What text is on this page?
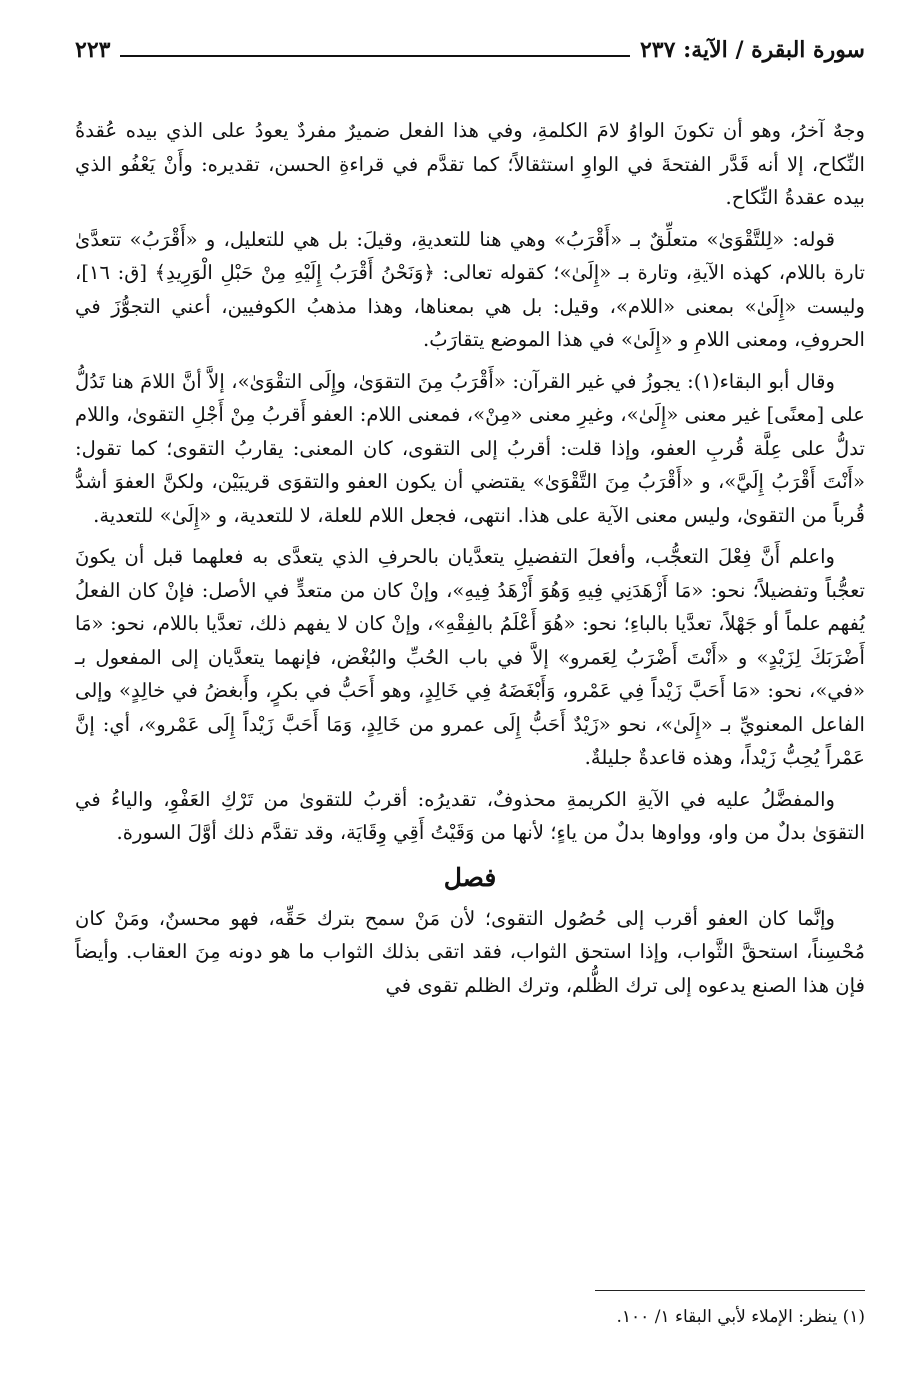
سورة البقرة / الآية: ٢٣٧
٢٢٣

وجهٌ آخرُ، وهو أن تكونَ الواوُ لامَ الكلمةِ، وفي هذا الفعل ضميرٌ مفردٌ يعودُ على الذي بيده عُقدةُ النِّكاح، إلا أنه قَدَّر الفتحةَ في الواوِ استثقالاً؛ كما تقدَّم في قراءةِ الحسن، تقديره: وأَنْ يَعْفُو الذي بيده عقدةُ النِّكاح.

قوله: «لِلتَّقْوَىٰ» متعلِّقٌ بـ «أَقْرَبُ» وهي هنا للتعديةِ، وقيلَ: بل هي للتعليل، و «أَقْرَبُ» تتعدَّىٰ تارة باللام، كهذه الآيةِ، وتارة بـ «إِلَىٰ»؛ كقوله تعالى: ﴿وَنَحْنُ أَقْرَبُ إِلَيْهِ مِنْ حَبْلِ الْوَرِيدِ﴾ [ق: ١٦]، وليست «إِلَىٰ» بمعنى «اللام»، وقيل: بل هي بمعناها، وهذا مذهبُ الكوفيين، أعني التجوُّزَ في الحروفِ، ومعنى اللامِ و «إِلَىٰ» في هذا الموضع يتقارَبُ.

وقال أبو البقاء(١): يجوزُ في غير القرآن: «أَقْرَبُ مِنَ التقوَىٰ، وإِلَى التقْوَىٰ»، إلاَّ أنَّ اللامَ هنا تَدُلُّ على [معنًى] غير معنى «إِلَىٰ»، وغيرِ معنى «مِنْ»، فمعنى اللام: العفو أَقربُ مِنْ أَجْلِ التقوىٰ، واللام تدلُّ على عِلَّة قُربِ العفو، وإذا قلت: أقربُ إلى التقوى، كان المعنى: يقاربُ التقوى؛ كما تقول: «أَنْتَ أَقْرَبُ إِلَيَّ»، و «أَقْرَبُ مِنَ التَّقْوَىٰ» يقتضي أن يكون العفو والتقوَى قريبَيْن، ولكنَّ العفوَ أشدُّ قُرباً من التقوىٰ، وليس معنى الآية على هذا. انتهى، فجعل اللام للعلة، لا للتعدية، و «إِلَىٰ» للتعدية.

واعلم أَنَّ فِعْلَ التعجُّب، وأفعلَ التفضيلِ يتعدَّيان بالحرفِ الذي يتعدَّى به فعلهما قبل أن يكونَ تعجُّباً وتفضيلاً؛ نحو: «مَا أَزْهَدَنِي فِيهِ وَهُوَ أَزْهَدُ فِيهِ»، وإنْ كان من متعدٍّ في الأصل: فإنْ كان الفعلُ يُفهم علماً أو جَهْلاً، تعدَّيا بالباءِ؛ نحو: «هُوَ أَعْلَمُ بالفِقْهِ»، وإنْ كان لا يفهم ذلك، تعدَّيا باللام، نحو: «مَا أَضْرَبَكَ لِزَيْدٍ» و «أَنْتَ أَضْرَبُ لِعَمرو» إلاَّ في باب الحُبِّ والبُغْض، فإنهما يتعدَّيان إلى المفعول بـ «في»، نحو: «مَا أَحَبَّ زَيْداً فِي عَمْرو، وَأَبْغَضَهُ فِي خَالِدٍ، وهو أَحَبُّ في بكرٍ، وأَبغضُ في خالِدٍ» وإلى الفاعل المعنويِّ بـ «إِلَىٰ»، نحو «زَيْدٌ أَحَبُّ إِلَى عمرو من خَالِدٍ، وَمَا أَحَبَّ زَيْداً إِلَى عَمْرو»، أي: إنَّ عَمْراً يُحِبُّ زَيْداً، وهذه قاعدةٌ جليلةٌ.

والمفضَّلُ عليه في الآيةِ الكريمةِ محذوفٌ، تقديرُه: أقربُ للتقوىٰ من تَرْكِ العَفْوِ، والياءُ في التقوَىٰ بدلٌ من واو، وواوها بدلٌ من ياءٍ؛ لأنها من وَقَيْتُ أَقِي وِقَايَة، وقد تقدَّم ذلك أوَّلَ السورة.

فصل

وإنَّما كان العفو أقرب إلى حُصُول التقوى؛ لأن مَنْ سمح بترك حَقِّه، فهو محسنٌ، ومَنْ كان مُحْسِناً، استحقَّ الثَّواب، وإذا استحق الثواب، فقد اتقى بذلك الثواب ما هو دونه مِنَ العقاب. وأيضاً فإن هذا الصنع يدعوه إلى ترك الظُّلم، وترك الظلم تقوى في

(١) ينظر: الإملاء لأبي البقاء ١/ ١٠٠.
